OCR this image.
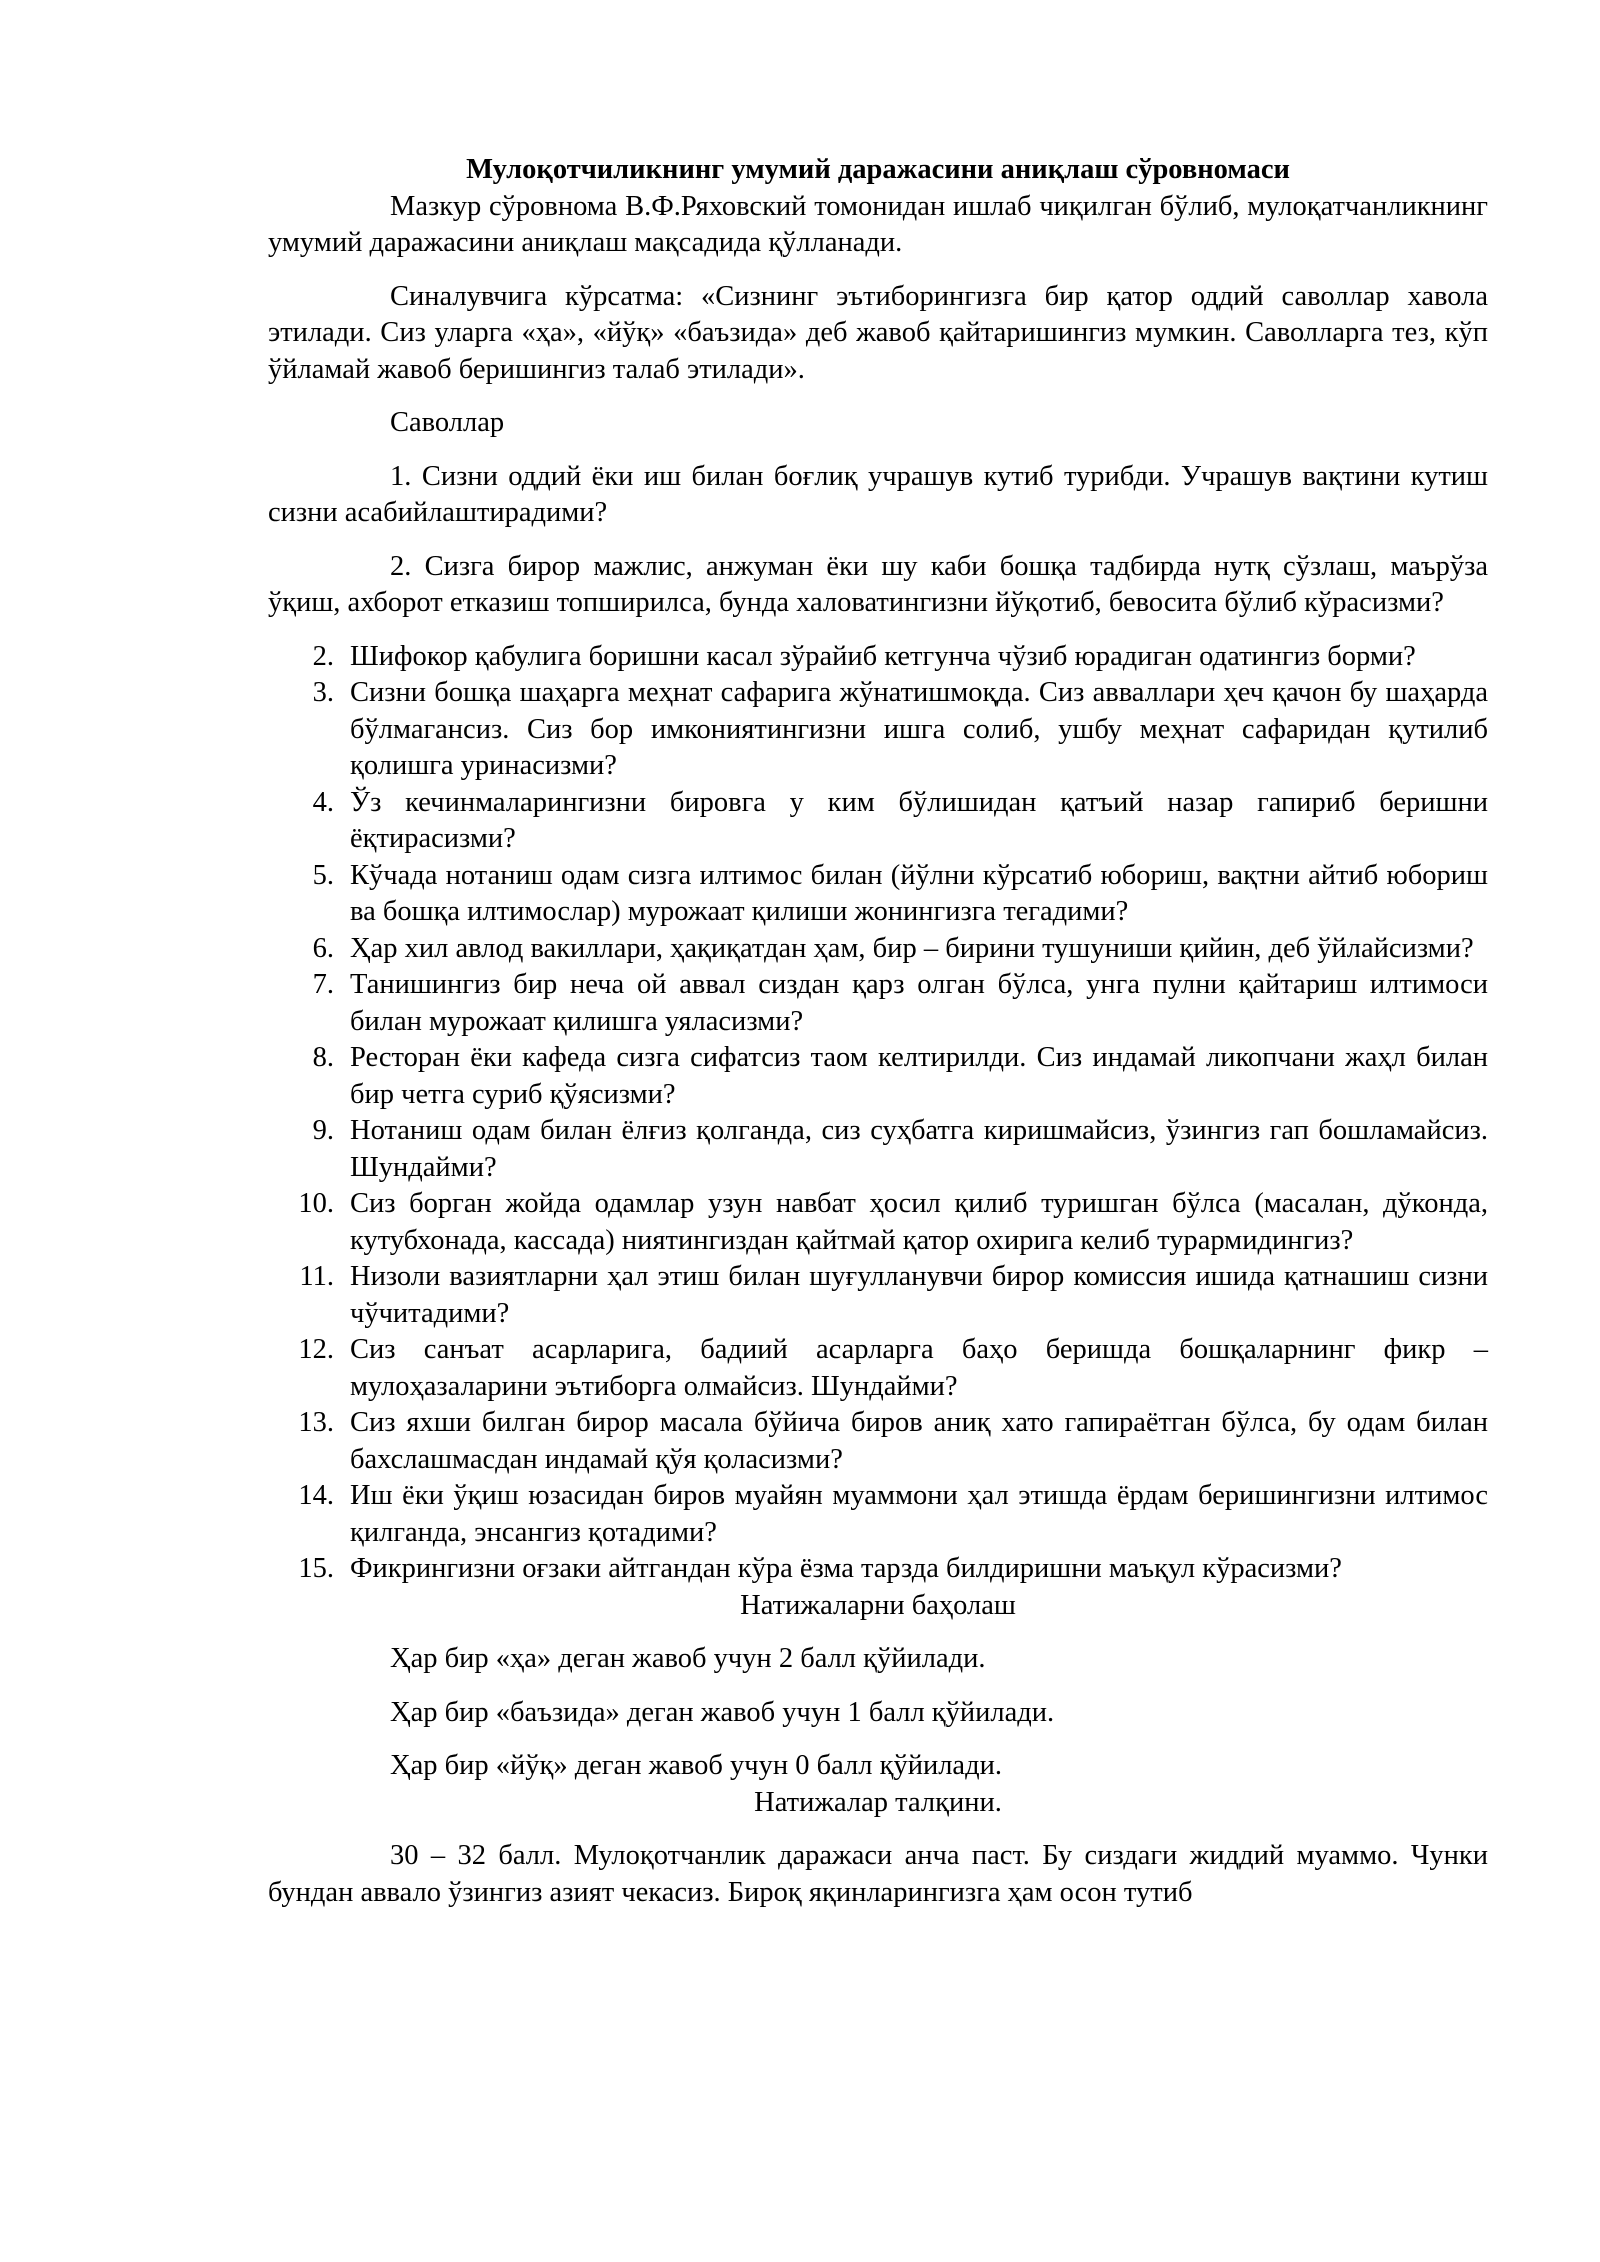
Мулоқотчиликнинг умумий даражасини аниқлаш сўровномаси

Мазкур сўровнома В.Ф.Ряховский томонидан ишлаб чиқилган бўлиб, мулоқатчанликнинг умумий даражасини аниқлаш мақсадида қўлланади.

Синалувчига кўрсатма: «Сизнинг эътиборингизга бир қатор оддий саволлар хавола этилади. Сиз уларга «ҳа», «йўқ» «баъзида» деб жавоб қайтаришингиз мумкин. Саволларга тез, кўп ўйламай жавоб беришингиз талаб этилади».

Саволлар

1. Сизни оддий ёки иш билан боғлиқ учрашув кутиб турибди. Учрашув вақтини кутиш сизни асабийлаштирадими?

2. Сизга бирор мажлис, анжуман ёки шу каби бошқа тадбирда нутқ сўзлаш, маърўза ўқиш, ахборот етказиш топширилса, бунда халоватингизни йўқотиб, бевосита бўлиб кўрасизми?

2. Шифокор қабулига боришни касал зўрайиб кетгунча чўзиб юрадиган одатингиз борми?
3. Сизни бошқа шаҳарга меҳнат сафарига жўнатишмоқда. Сиз авваллари ҳеч қачон бу шаҳарда бўлмагансиз. Сиз бор имкониятингизни ишга солиб, ушбу меҳнат сафаридан қутилиб қолишга уринасизми?
4. Ўз кечинмаларингизни бировга у ким бўлишидан қатъий назар гапириб беришни ёқтирасизми?
5. Кўчада нотаниш одам сизга илтимос билан (йўлни кўрсатиб юбориш, вақтни айтиб юбориш ва бошқа илтимослар) мурожаат қилиши жонингизга тегадими?
6. Ҳар хил авлод вакиллари, ҳақиқатдан ҳам, бир – бирини тушуниши қийин, деб ўйлайсизми?
7. Танишингиз бир неча ой аввал сиздан қарз олган бўлса, унга пулни қайтариш илтимоси билан мурожаат қилишга уяласизми?
8. Ресторан ёки кафеда сизга сифатсиз таом келтирилди. Сиз индамай ликопчани жаҳл билан бир четга суриб қўясизми?
9. Нотаниш одам билан ёлғиз қолганда, сиз суҳбатга киришмайсиз, ўзингиз гап бошламайсиз. Шундайми?
10. Сиз борган жойда одамлар узун навбат ҳосил қилиб туришган бўлса (масалан, дўконда, кутубхонада, кассада) ниятингиздан қайтмай қатор охирига келиб турармидингиз?
11. Низоли вазиятларни ҳал этиш билан шуғулланувчи бирор комиссия ишида қатнашиш сизни чўчитадими?
12. Сиз санъат асарларига, бадиий асарларга баҳо беришда бошқаларнинг фикр – мулоҳазаларини эътиборга олмайсиз. Шундайми?
13. Сиз яхши билган бирор масала бўйича биров аниқ хато гапираётган бўлса, бу одам билан бахслашмасдан индамай қўя қоласизми?
14. Иш ёки ўқиш юзасидан биров муайян муаммони ҳал этишда ёрдам беришингизни илтимос қилганда, энсангиз қотадими?
15. Фикрингизни оғзаки айтгандан кўра ёзма тарзда билдиришни маъқул кўрасизми?

Натижаларни баҳолаш

Ҳар бир «ҳа» деган жавоб учун 2 балл қўйилади.

Ҳар бир «баъзида» деган жавоб учун 1 балл қўйилади.

Ҳар бир «йўқ» деган жавоб учун 0 балл қўйилади.

Натижалар талқини.

30 – 32 балл. Мулоқотчанлик даражаси анча паст. Бу сиздаги жиддий муаммо. Чунки бундан аввало ўзингиз азият чекасиз. Бироқ яқинларингизга ҳам осон тутиб
